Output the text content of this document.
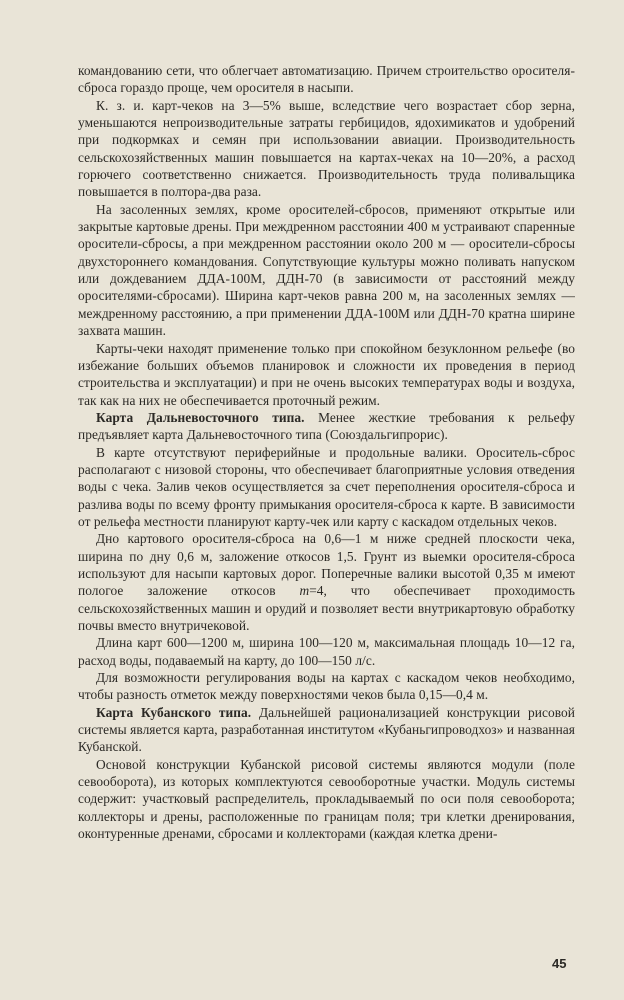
командованию сети, что облегчает автоматизацию. Причем строительство оросителя-сброса гораздо проще, чем оросителя в насыпи.

К. з. и. карт-чеков на 3—5% выше, вследствие чего возрастает сбор зерна, уменьшаются непроизводительные затраты гербицидов, ядохимикатов и удобрений при подкормках и семян при использовании авиации. Производительность сельскохозяйственных машин повышается на картах-чеках на 10—20%, а расход горючего соответственно снижается. Производительность труда поливальщика повышается в полтора-два раза.

На засоленных землях, кроме оросителей-сбросов, применяют открытые или закрытые картовые дрены. При междренном расстоянии 400 м устраивают спаренные оросители-сбросы, а при междренном расстоянии около 200 м — оросители-сбросы двухстороннего командования. Сопутствующие культуры можно поливать напуском или дождеванием ДДА-100М, ДДН-70 (в зависимости от расстояний между оросителями-сбросами). Ширина карт-чеков равна 200 м, на засоленных землях — междренному расстоянию, а при применении ДДА-100М или ДДН-70 кратна ширине захвата машин.

Карты-чеки находят применение только при спокойном безуклонном рельефе (во избежание больших объемов планировок и сложности их проведения в период строительства и эксплуатации) и при не очень высоких температурах воды и воздуха, так как на них не обеспечивается проточный режим.

Карта Дальневосточного типа. Менее жесткие требования к рельефу предъявляет карта Дальневосточного типа (Союздальгипрорис).

В карте отсутствуют периферийные и продольные валики. Ороситель-сброс располагают с низовой стороны, что обеспечивает благоприятные условия отведения воды с чека. Залив чеков осуществляется за счет переполнения оросителя-сброса и разлива воды по всему фронту примыкания оросителя-сброса к карте. В зависимости от рельефа местности планируют карту-чек или карту с каскадом отдельных чеков.

Дно картового оросителя-сброса на 0,6—1 м ниже средней плоскости чека, ширина по дну 0,6 м, заложение откосов 1,5. Грунт из выемки оросителя-сброса используют для насыпи картовых дорог. Поперечные валики высотой 0,35 м имеют пологое заложение откосов m=4, что обеспечивает проходимость сельскохозяйственных машин и орудий и позволяет вести внутрикартовую обработку почвы вместо внутричековой.

Длина карт 600—1200 м, ширина 100—120 м, максимальная площадь 10—12 га, расход воды, подаваемый на карту, до 100—150 л/с.

Для возможности регулирования воды на картах с каскадом чеков необходимо, чтобы разность отметок между поверхностями чеков была 0,15—0,4 м.

Карта Кубанского типа. Дальнейшей рационализацией конструкции рисовой системы является карта, разработанная институтом «Кубаньгипроводхоз» и названная Кубанской.

Основой конструкции Кубанской рисовой системы являются модули (поле севооборота), из которых комплектуются севооборотные участки. Модуль системы содержит: участковый распределитель, прокладываемый по оси поля севооборота; коллекторы и дрены, расположенные по границам поля; три клетки дренирования, оконтуренные дренами, сбросами и коллекторами (каждая клетка дрени-

45
